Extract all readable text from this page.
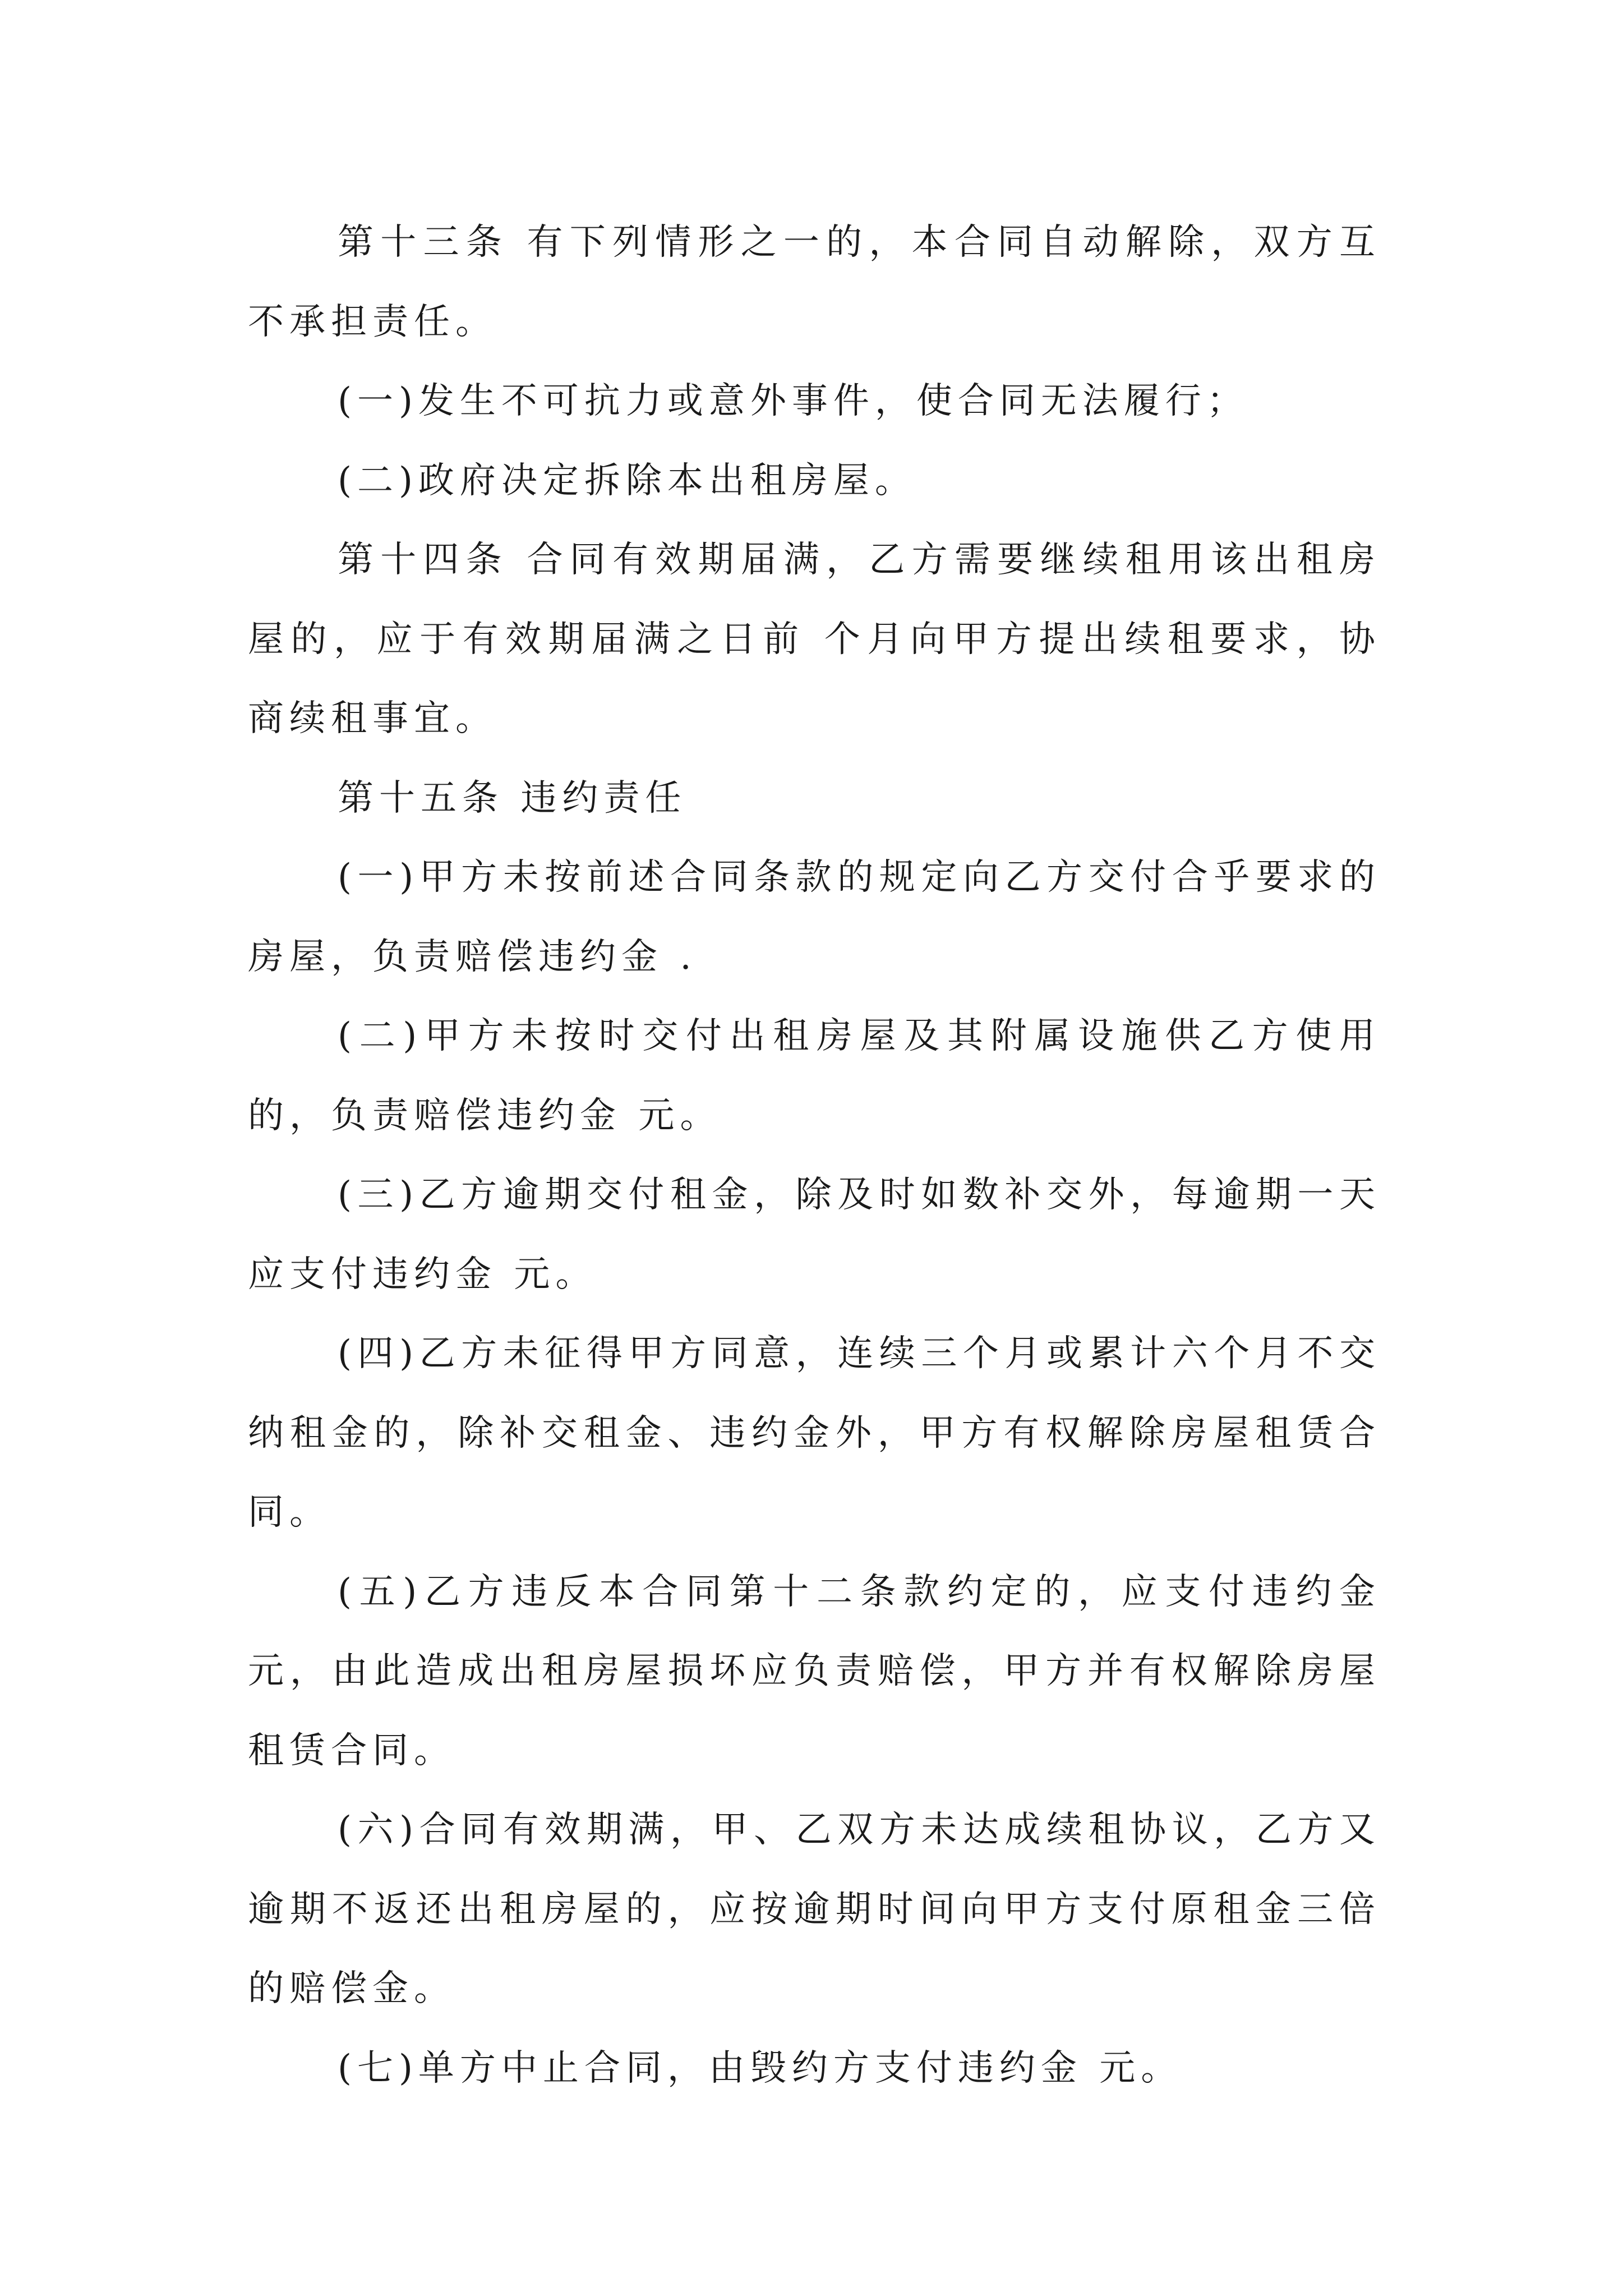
第十三条 有下列情形之一的，本合同自动解除，双方互不承担责任。

(一)发生不可抗力或意外事件，使合同无法履行；

(二)政府决定拆除本出租房屋。

第十四条 合同有效期届满，乙方需要继续租用该出租房屋的，应于有效期届满之日前 个月向甲方提出续租要求，协商续租事宜。

第十五条 违约责任

(一)甲方未按前述合同条款的规定向乙方交付合乎要求的房屋，负责赔偿违约金 .

(二)甲方未按时交付出租房屋及其附属设施供乙方使用的，负责赔偿违约金 元。

(三)乙方逾期交付租金，除及时如数补交外，每逾期一天应支付违约金 元。

(四)乙方未征得甲方同意，连续三个月或累计六个月不交纳租金的，除补交租金、违约金外，甲方有权解除房屋租赁合同。

(五)乙方违反本合同第十二条款约定的，应支付违约金元，由此造成出租房屋损坏应负责赔偿，甲方并有权解除房屋租赁合同。

(六)合同有效期满，甲、乙双方未达成续租协议，乙方又逾期不返还出租房屋的，应按逾期时间向甲方支付原租金三倍的赔偿金。

(七)单方中止合同，由毁约方支付违约金 元。
